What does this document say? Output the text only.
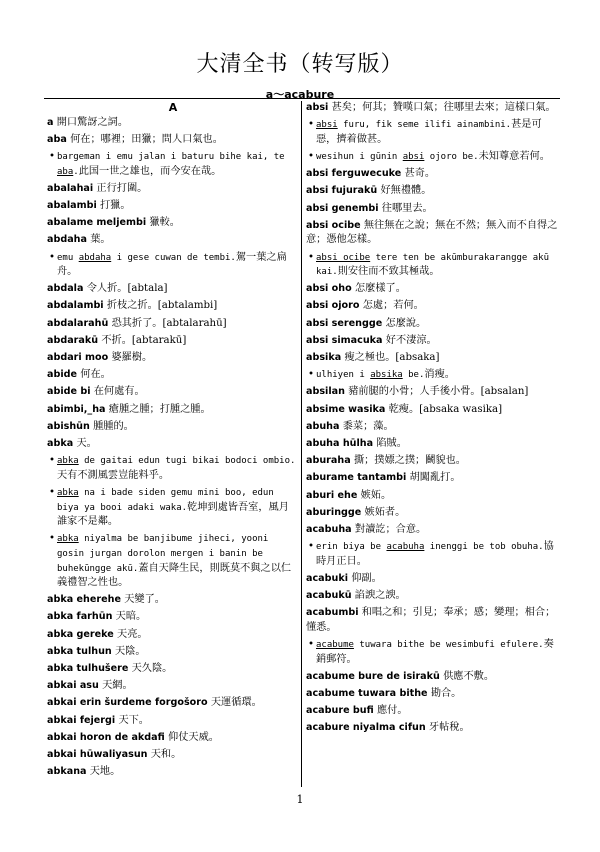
大清全书（转写版）
a～acabure
A
a 開口驚訝之詞。
aba 何在；哪裡；田獵；問人口氣也。
• bargeman i emu jalan i baturu bihe kai, te aba.此国一世之雄也，而今安在哉。
abalahai 正行打圍。
abalambi 打獵。
abalame meljembi 獵較。
abdaha 葉。
• emu abdaha i gese cuwan de tembi.駕一葉之扁舟。
abdala 令人折。[abtala]
abdalambi 折枝之折。[abtalambi]
abdalarahū 恐其折了。[abtalarahū]
abdarakū 不折。[abtarakū]
abdari moo 婆羅樹。
abide 何在。
abide bi 在何處有。
abimbi,_ha 瘡腫之腫；打腫之腫。
abishūn 腫腫的。
abka 天。
• abka de gaitai edun tugi bikai bodoci ombio.天有不測風雲豈能料乎。
• abka na i bade siden gemu mini boo, edun biya ya booi adaki waka.乾坤到處皆吾室，風月誰家不是鄰。
• abka niyalma be banjibume jiheci, yooni gosin jurgan dorolon mergen i banin be buhekūngge akū.蓋自天降生民，則既莫不與之以仁義禮智之性也。
abka eherehe 天變了。
abka farhūn 天暗。
abka gereke 天亮。
abka tulhun 天陰。
abka tulhušere 天久陰。
abkai asu 天網。
abkai erin šurdeme forgošoro 天運循環。
abkai fejergi 天下。
abkai horon de akdafi 仰仗天威。
abkai hūwaliyasun 天和。
abkana 天地。
absi 甚矣；何其；贊嘆口氣；往哪里去來；這樣口氣。
• absi furu, fik seme ilifi ainambini.甚是可惡，擠着做甚。
• wesihun i gūnin absi ojoro be.未知尊意若何。
absi ferguwecuke 甚奇。
absi fujurakū 好無禮體。
absi genembi 往哪里去。
absi ocibe 無往無在之說；無在不然；無入而不自得之意；憑他怎樣。
• absi ocibe tere ten be akūmburakarangge akū kai.則安往而不致其極哉。
absi oho 怎麼樣了。
absi ojoro 怎處；若何。
absi serengge 怎麼說。
absi simacuka 好不淒涼。
absika 瘦之極也。[absaka]
• ulhiyen i absika be.消瘦。
absilan 豬前腿的小骨；人手後小骨。[absalan]
absime wasika 乾瘦。[absaka wasika]
abuha 黍菜；藻。
abuha hūlha 陷賊。
aburaha 撕；撲嫖之撲；鬭貌也。
aburame tantambi 胡闖亂打。
aburi ehe 嫉妬。
aburingge 嫉妬者。
acabuha 對讀訖；合意。
• erin biya be acabuha inenggi be tob obuha.協時月正日。
acabuki 仰副。
acabukū 諂諛之諛。
acabumbi 和唱之和；引見；奉承；感；變理；相合；懂悉。
• acabume tuwara bithe be wesimbufi efulere.奏銷郵符。
acabume bure de isirakū 供應不敷。
acabume tuwara bithe 勘合。
acabure bufi 應付。
acabure niyalma cifun 牙帖稅。
1
